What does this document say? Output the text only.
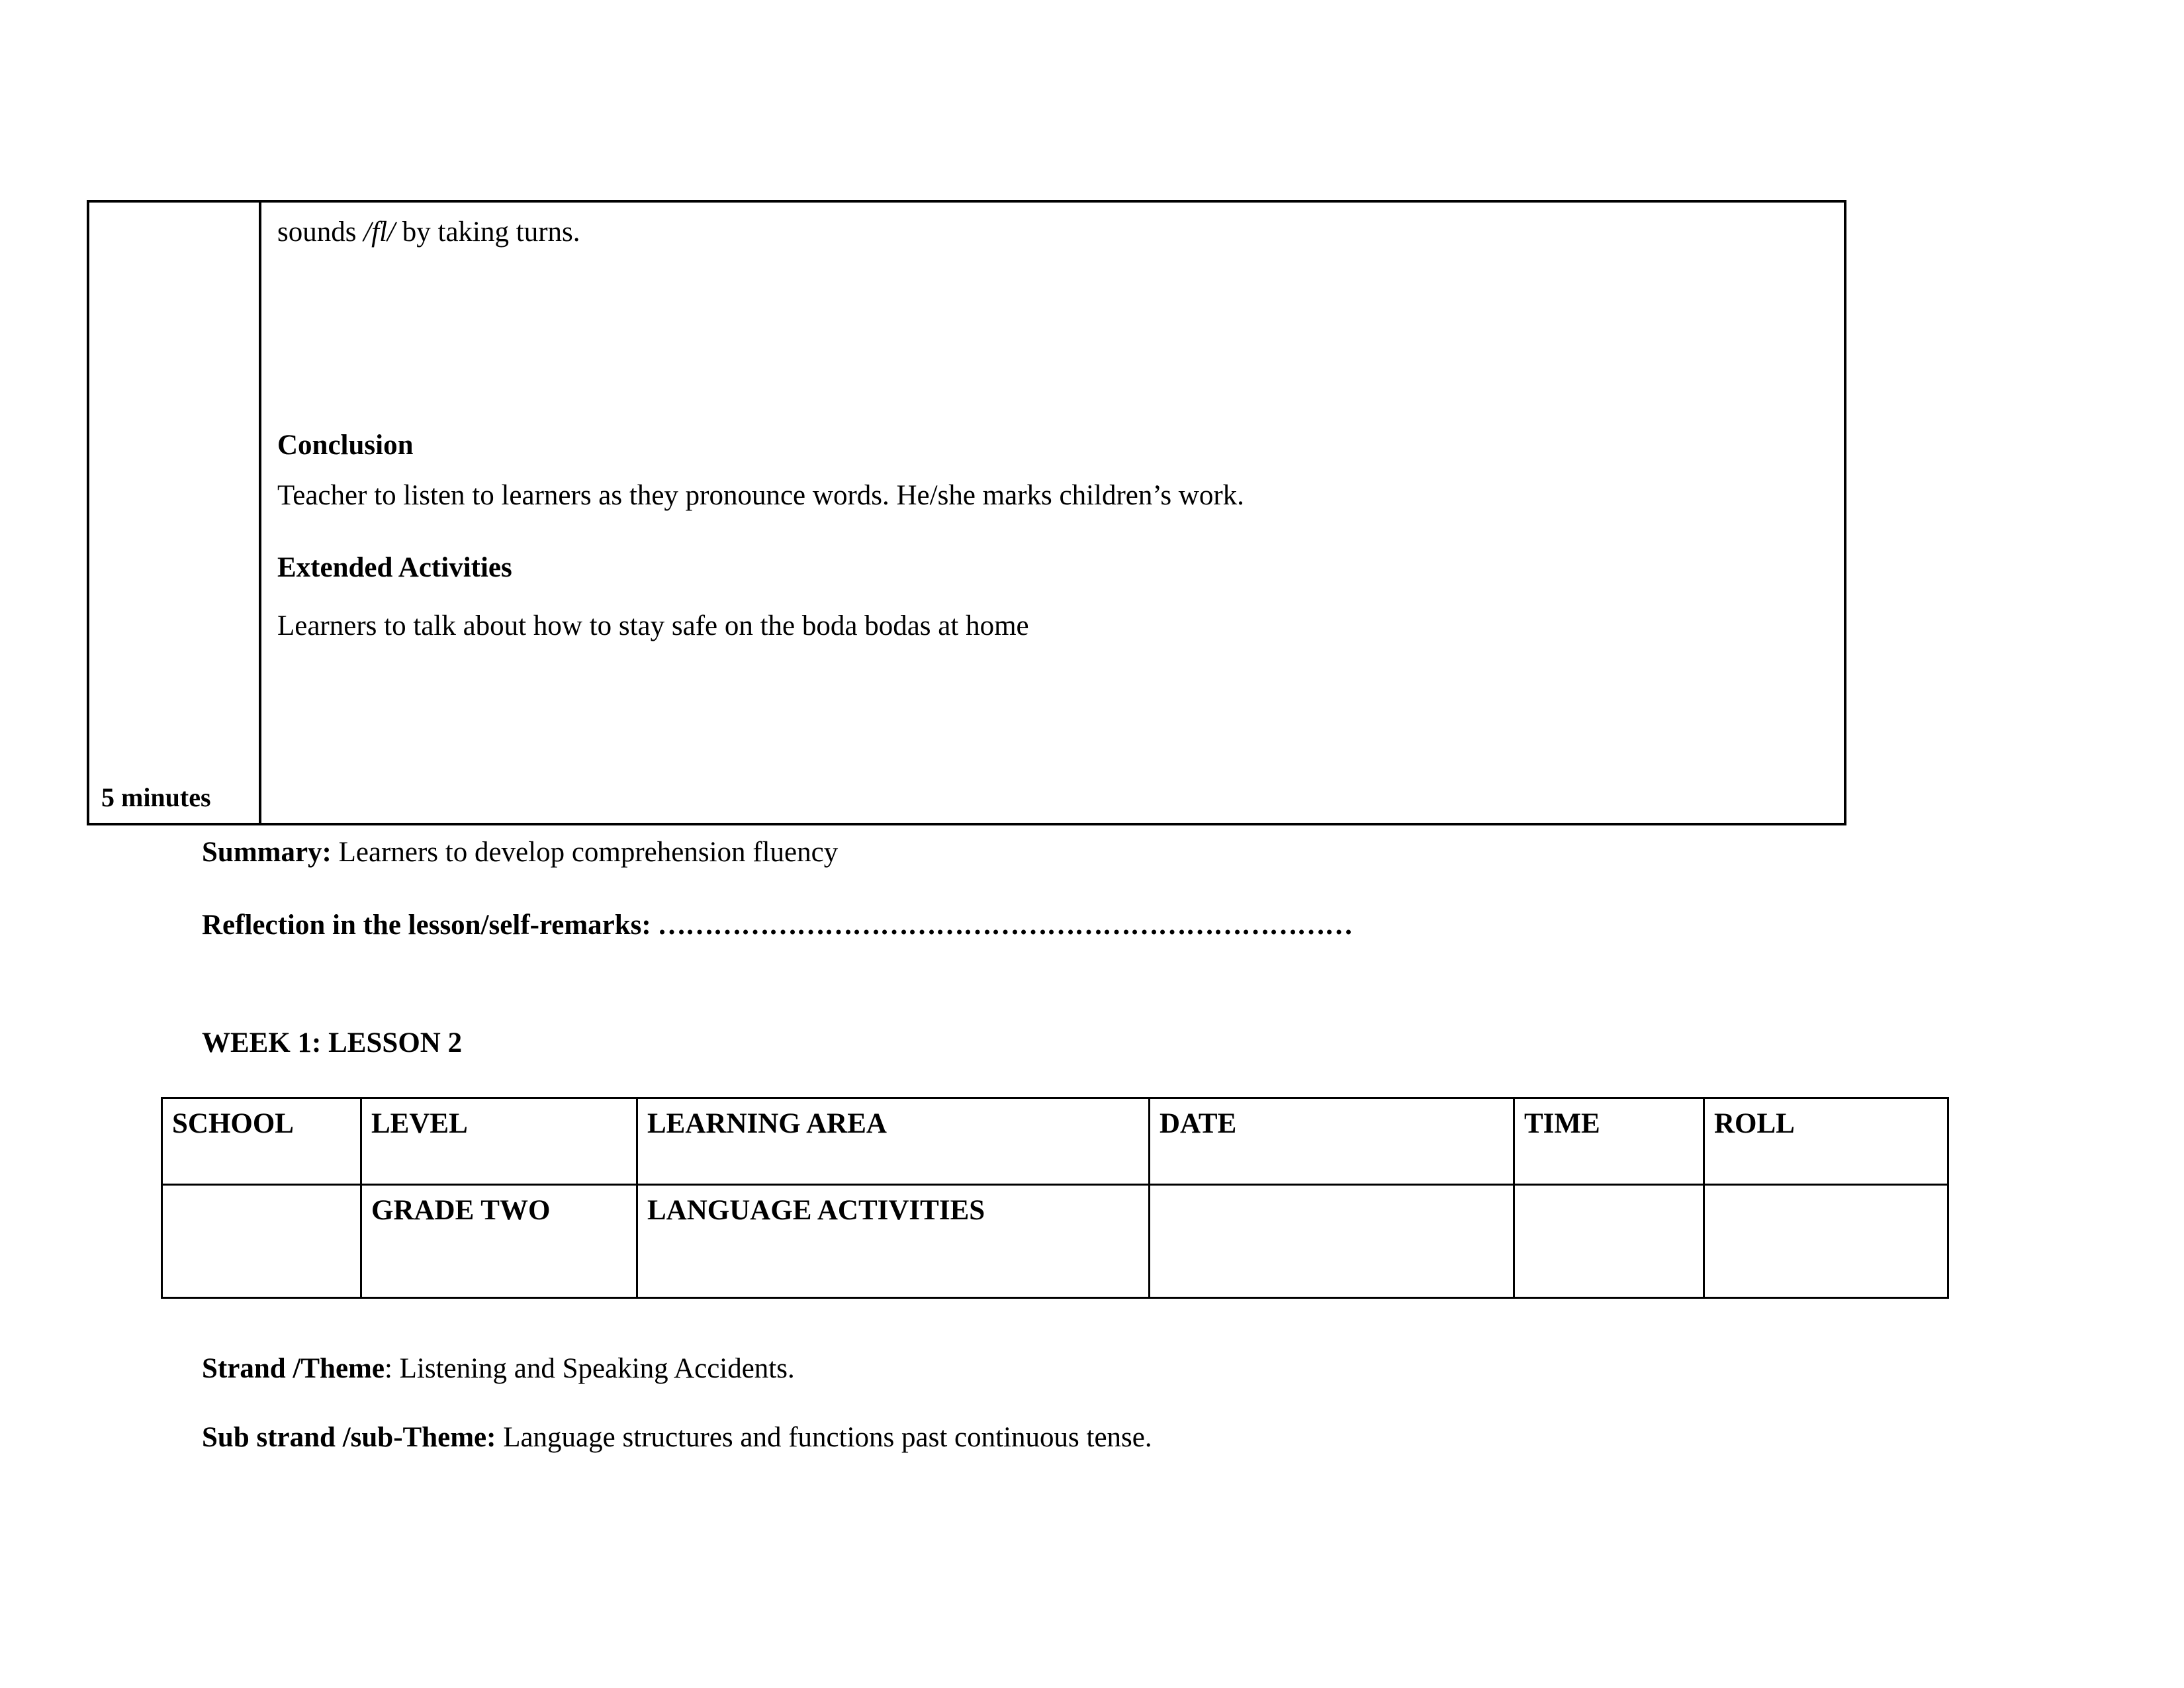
5 minutes
sounds /fl/ by taking turns.
Conclusion
Teacher to listen to learners as they pronounce words. He/she marks children’s work.
Extended Activities
Learners to talk about how to stay safe on the boda bodas at home
Summary: Learners to develop comprehension fluency
Reflection in the lesson/self-remarks: …………………………………………………………………
WEEK 1: LESSON 2
SCHOOL	LEVEL	LEARNING AREA	DATE	TIME	ROLL
	GRADE TWO	LANGUAGE ACTIVITIES			
Strand /Theme: Listening and Speaking Accidents.
Sub strand /sub-Theme: Language structures and functions past continuous tense.
